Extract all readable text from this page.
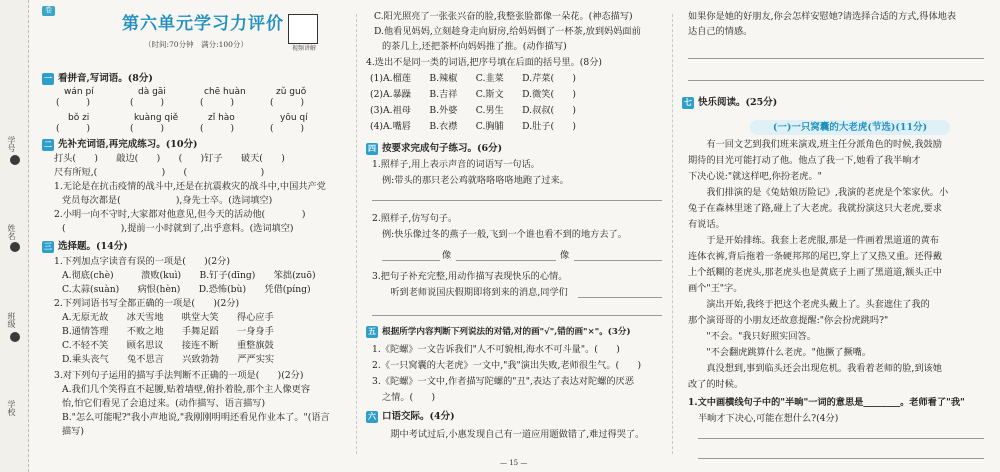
学号
姓名
班级
学校
卷
第六单元学习力评价
（时间:70分钟　满分:100分）	视频讲解
一 看拼音,写词语。(8分)
wán pí	dà gāi	chē huàn	zǔ guǒ
(　　　)	(　　　)	(　　　)	(　　　)
bǒ zi	kuàng qiě	zǐ hào	yōu qí
(　　　)	(　　　)	(　　　)	(　　　)
二 先补充词语,再完成练习。(10分)
打头(　　)　　敲边(　　)　　(　　)钉子　　破天(　　)
尺有所短,(　　　　　　　)　　(　　　　　　　　)
1.无论是在抗击疫情的战斗中,还是在抗震救灾的战斗中,中国共产党
党员每次都是(　　　　　　),身先士卒。(选词填空)
2.小明一向不守时,大家都对他意见,但今天的活动他(　　　　)
(　　　　　　),提前一小时就到了,出乎意料。(选词填空)
三 选择题。(14分)
1.下列加点字读音有误的一项是(　　)(2分)
A.彻底(chè)　　　溃败(kuì)　　B.钉子(dīng)　　笨拙(zuō)
C.太蒜(suàn)　　病恨(hèn)　　D.恐怖(bù)　　凭借(píng)
2.下列词语书写全都正确的一项是(　　)(2分)
A.无原无故　　冰天雪地　　哄堂大笑　　得心应手
B.通情答理　　不败之地　　手舞足蹈　　一身身手
C.不轻不笑　　顾名思议　　接连不断　　重整旗鼓
D.乘头丧气　　兔不思言　　兴致勃勃　　严严实实
3.对下列句子运用的描写手法判断不正确的一项是(　　)(2分)
A.我们几个笑得直不起腰,贴着墙壁,俯扑着脸,那个主人像更容
怡,怕它们看见了会追过来。(动作描写、语言描写)
B."怎么可能呢?"我小声地说,"我刚刚明明还看见作业本了。"(语言
描写)
C.阳光照亮了一张张兴奋的脸,我整张脸都像一朵花。(神态描写)
D.他看见妈妈,立刻趁身走向厨房,给妈妈倒了一杯茶,放到妈妈面前
的茶几上,还把茶杯向妈妈推了推。(动作描写)
4.选出不是同一类的词语,把序号填在后面的括号里。(8分)
(1)A.榴莲　　B.辣椒　　C.韭菜　　D.芹菜(　　)
(2)A.暴躁　　B.吉祥　　C.斯文　　D.微笑(　　)
(3)A.祖母　　B.外婆　　C.男生　　D.叔叔(　　)
(4)A.嘴唇　　B.衣襟　　C.胸脯　　D.肚子(　　)
四 按要求完成句子练习。(6分)
1.照样子,用上表示声音的词语写一句话。
例:带头的那只老公鸡就咯咯咯咯地跑了过来。
2.照样子,仿写句子。
例:快乐像过冬的燕子一般,飞到一个谁也看不到的地方去了。
像	像
3.把句子补充完整,用动作描写表现快乐的心情。
　　听到老师说国庆假期即将到来的消息,同学们
五 根据所学内容判断下列说法的对错,对的画"√",错的画"×"。(3分)
1.《陀螺》一文告诉我们"人不可貌相,海水不可斗量"。(　　)
2.《一只窝囊的大老虎》一文中,"我"演出失败,老师很生气。(　　)
3.《陀螺》一文中,作者描写陀螺的"丑",表达了表达对陀螺的厌恶
之情。(　　)
六 口语交际。(4分)
　　期中考试过后,小惠发现自己有一道应用题做错了,难过得哭了。
— 15 —
如果你是她的好朋友,你会怎样安慰她?请选择合适的方式,得体地表
达自己的情感。
七 快乐阅读。(25分)
(一)一只窝囊的大老虎(节选)(11分)
　　有一回文艺到我们班来演戏,班主任分派角色的时候,我鼓励
期待的目光可能打动了他。他点了我一下,她看了我半晌才
下决心说:"就这样吧,你扮老虎。"
　　我们排演的是《兔姑娘历险记》,我演的老虎是个笨家伙。小
兔子在森林里迷了路,碰上了大老虎。我就扮演这只大老虎,要求
有说话。
　　于是开始排练。我套上老虎服,那是一件画着黑道道的黄布
连体衣裤,背后拖着一条硬邦邦的尾巴,穿上了又热又重。还得戴
上个纸糊的老虎头,那老虎头也是黄底子上画了黑道道,额头正中
画个"王"字。
　　演出开始,我终于把这个老虎头戴上了。头套遮住了我的
那个演哥哥的小朋友还故意提醒:"你会扮虎跳吗?"
　　"不会。"我只好照实回答。
　　"不会翻虎跳算什么老虎。"他撅了撅嘴。
　　真没想到,事到临头还会出现危机。我看着老师的脸,到该她
改了的时候。
1.文中画横线句子中的"半晌"一词的意思是________。老师看了"我"
半晌才下决心,可能在想什么?(4分)
